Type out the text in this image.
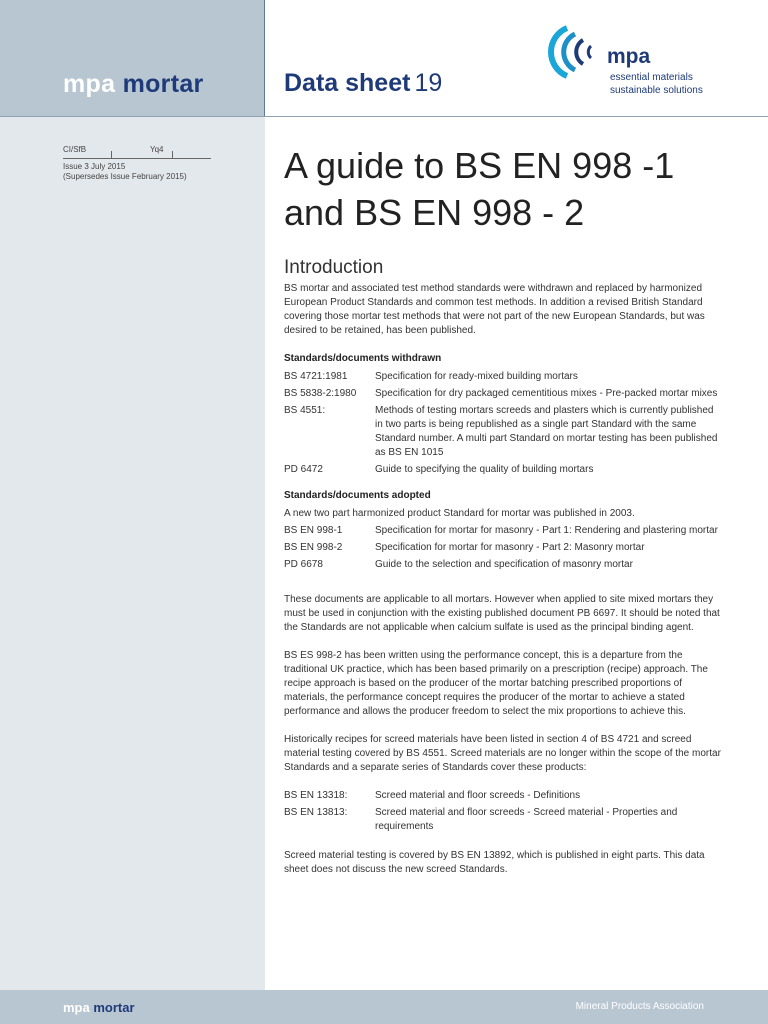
mpa mortar	Data sheet 19
mpa
essential materials
sustainable solutions
CI/SfB	Yq4
Issue 3 July 2015
(Supersedes Issue February 2015)	A guide to BS EN 998 -1
and BS EN 998 - 2
Introduction

BS mortar and associated test method standards were withdrawn and replaced by harmonized European Product Standards and common test methods. In addition a revised British Standard covering those mortar test methods that were not part of the new European Standards, but was desired to be retained, has been published.

Standards/documents withdrawn
BS 4721:1981	Specification for ready-mixed building mortars
BS 5838-2:1980	Specification for dry packaged cementitious mixes - Pre-packed mortar mixes
BS 4551:	Methods of testing mortars screeds and plasters which is currently published in two parts is being republished as a single part Standard with the same Standard number. A multi part Standard on mortar testing has been published as BS EN 1015
PD 6472	Guide to specifying the quality of building mortars
Standards/documents adopted
A new two part harmonized product Standard for mortar was published in 2003.
BS EN 998-1	Specification for mortar for masonry - Part 1: Rendering and plastering mortar
BS EN 998-2	Specification for mortar for masonry - Part 2: Masonry mortar
PD 6678	Guide to the selection and specification of masonry mortar

These documents are applicable to all mortars. However when applied to site mixed mortars they must be used in conjunction with the existing published document PB 6697. It should be noted that the Standards are not applicable when calcium sulfate is used as the principal binding agent.

BS ES 998-2 has been written using the performance concept, this is a departure from the traditional UK practice, which has been based primarily on a prescription (recipe) approach. The recipe approach is based on the producer of the mortar batching prescribed proportions of materials, the performance concept requires the producer of the mortar to achieve a stated performance and allows the producer freedom to select the mix proportions to achieve this.

Historically recipes for screed materials have been listed in section 4 of BS 4721 and screed material testing covered by BS 4551. Screed materials are no longer within the scope of the mortar Standards and a separate series of Standards cover these products:

BS EN 13318:	Screed material and floor screeds - Definitions
BS EN 13813:	Screed material and floor screeds - Screed material - Properties and requirements

Screed material testing is covered by BS EN 13892, which is published in eight parts. This data sheet does not discuss the new screed Standards.

mpa mortar	Mineral Products Association
